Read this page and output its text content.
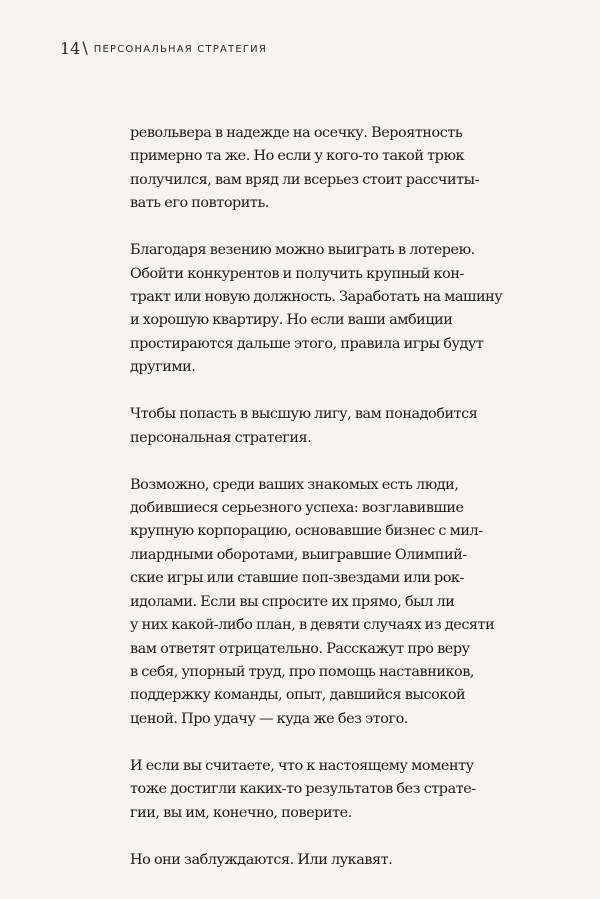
14 \ ПЕРСОНАЛЬНАЯ СТРАТЕГИЯ

револьвера в надежде на осечку. Вероятность
примерно та же. Но если у кого-то такой трюк
получился, вам вряд ли всерьез стоит рассчиты-
вать его повторить.

Благодаря везению можно выиграть в лотерею.
Обойти конкурентов и получить крупный кон-
тракт или новую должность. Заработать на машину
и хорошую квартиру. Но если ваши амбиции
простираются дальше этого, правила игры будут
другими.

Чтобы попасть в высшую лигу, вам понадобится
персональная стратегия.

Возможно, среди ваших знакомых есть люди,
добившиеся серьезного успеха: возглавившие
крупную корпорацию, основавшие бизнес с мил-
лиардными оборотами, выигравшие Олимпий-
ские игры или ставшие поп-звездами или рок-
идолами. Если вы спросите их прямо, был ли
у них какой-либо план, в девяти случаях из десяти
вам ответят отрицательно. Расскажут про веру
в себя, упорный труд, про помощь наставников,
поддержку команды, опыт, давшийся высокой
ценой. Про удачу — куда же без этого.

И если вы считаете, что к настоящему моменту
тоже достигли каких-то результатов без страте-
гии, вы им, конечно, поверите.

Но они заблуждаются. Или лукавят.
